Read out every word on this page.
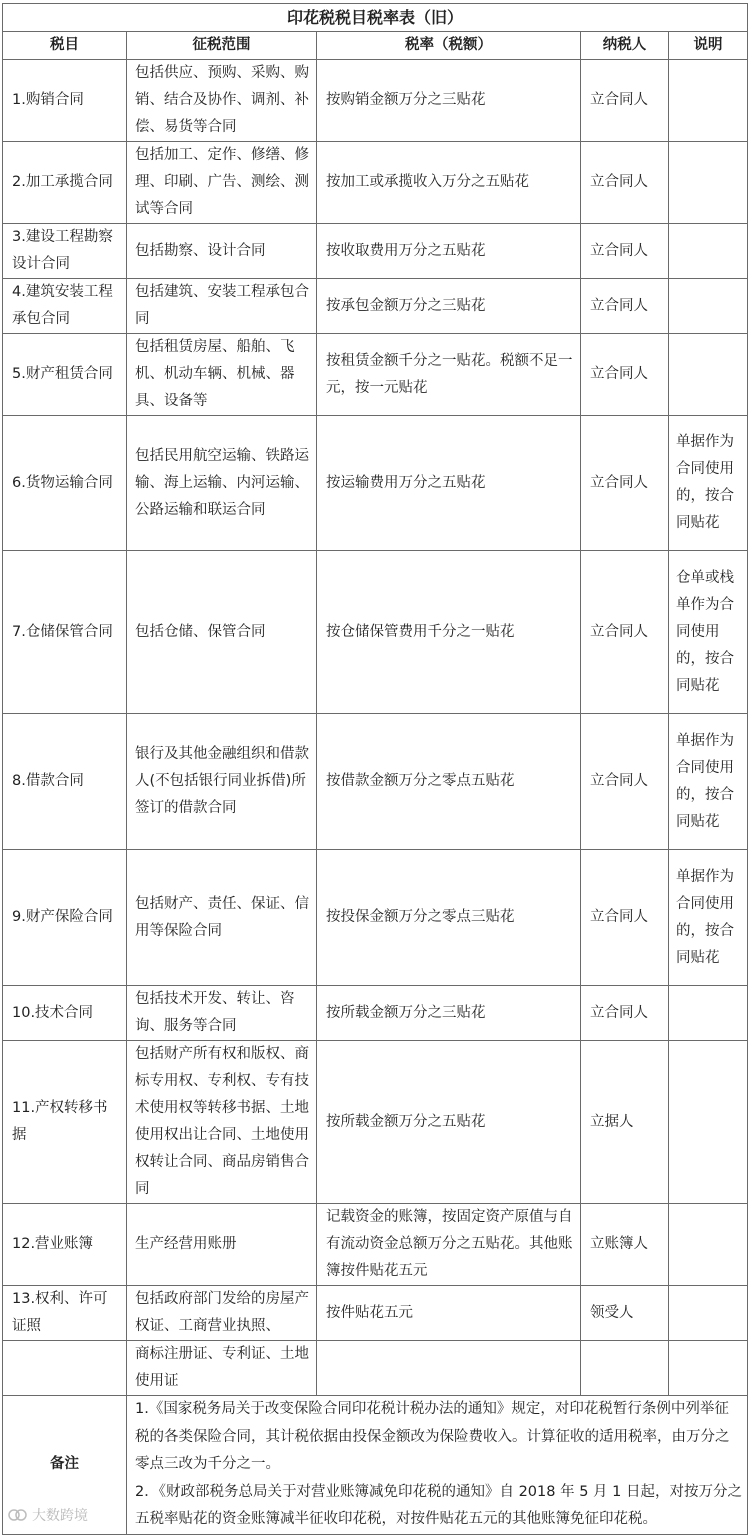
印花税税目税率表（旧）				
税目	征税范围	税率（税额）	纳税人	说明
1.购销合同	包括供应、预购、采购、购销、结合及协作、调剂、补偿、易货等合同	按购销金额万分之三贴花	立合同人	
2.加工承揽合同	包括加工、定作、修缮、修理、印刷、广告、测绘、测试等合同	按加工或承揽收入万分之五贴花	立合同人	
3.建设工程勘察设计合同	包括勘察、设计合同	按收取费用万分之五贴花	立合同人	
4.建筑安装工程承包合同	包括建筑、安装工程承包合同	按承包金额万分之三贴花	立合同人	
5.财产租赁合同	包括租赁房屋、船舶、飞机、机动车辆、机械、器具、设备等	按租赁金额千分之一贴花。税额不足一元，按一元贴花	立合同人	
6.货物运输合同	包括民用航空运输、铁路运输、海上运输、内河运输、公路运输和联运合同	按运输费用万分之五贴花	立合同人	单据作为合同使用的，按合同贴花
7.仓储保管合同	包括仓储、保管合同	按仓储保管费用千分之一贴花	立合同人	仓单或栈单作为合同使用的，按合同贴花
8.借款合同	银行及其他金融组织和借款人(不包括银行同业拆借)所签订的借款合同	按借款金额万分之零点五贴花	立合同人	单据作为合同使用的，按合同贴花
9.财产保险合同	包括财产、责任、保证、信用等保险合同	按投保金额万分之零点三贴花	立合同人	单据作为合同使用的，按合同贴花
10.技术合同	包括技术开发、转让、咨询、服务等合同	按所载金额万分之三贴花	立合同人	
11.产权转移书据	包括财产所有权和版权、商标专用权、专利权、专有技术使用权等转移书据、土地使用权出让合同、土地使用权转让合同、商品房销售合同	按所载金额万分之五贴花	立据人	
12.营业账簿	生产经营用账册	记载资金的账簿，按固定资产原值与自有流动资金总额万分之五贴花。其他账簿按件贴花五元	立账簿人	
13.权利、许可证照	包括政府部门发给的房屋产权证、工商营业执照、	按件贴花五元	领受人	
	商标注册证、专利证、土地使用证			
备注	1.《国家税务局关于改变保险合同印花税计税办法的通知》规定，对印花税暂行条例中列举征税的各类保险合同，其计税依据由投保金额改为保险费收入。计算征收的适用税率，由万分之零点三改为千分之一。
2．《财政部税务总局关于对营业账簿减免印花税的通知》自 2018 年 5 月 1 日起，对按万分之五税率贴花的资金账簿减半征收印花税，对按件贴花五元的其他账簿免征印花税。			
大数跨境
